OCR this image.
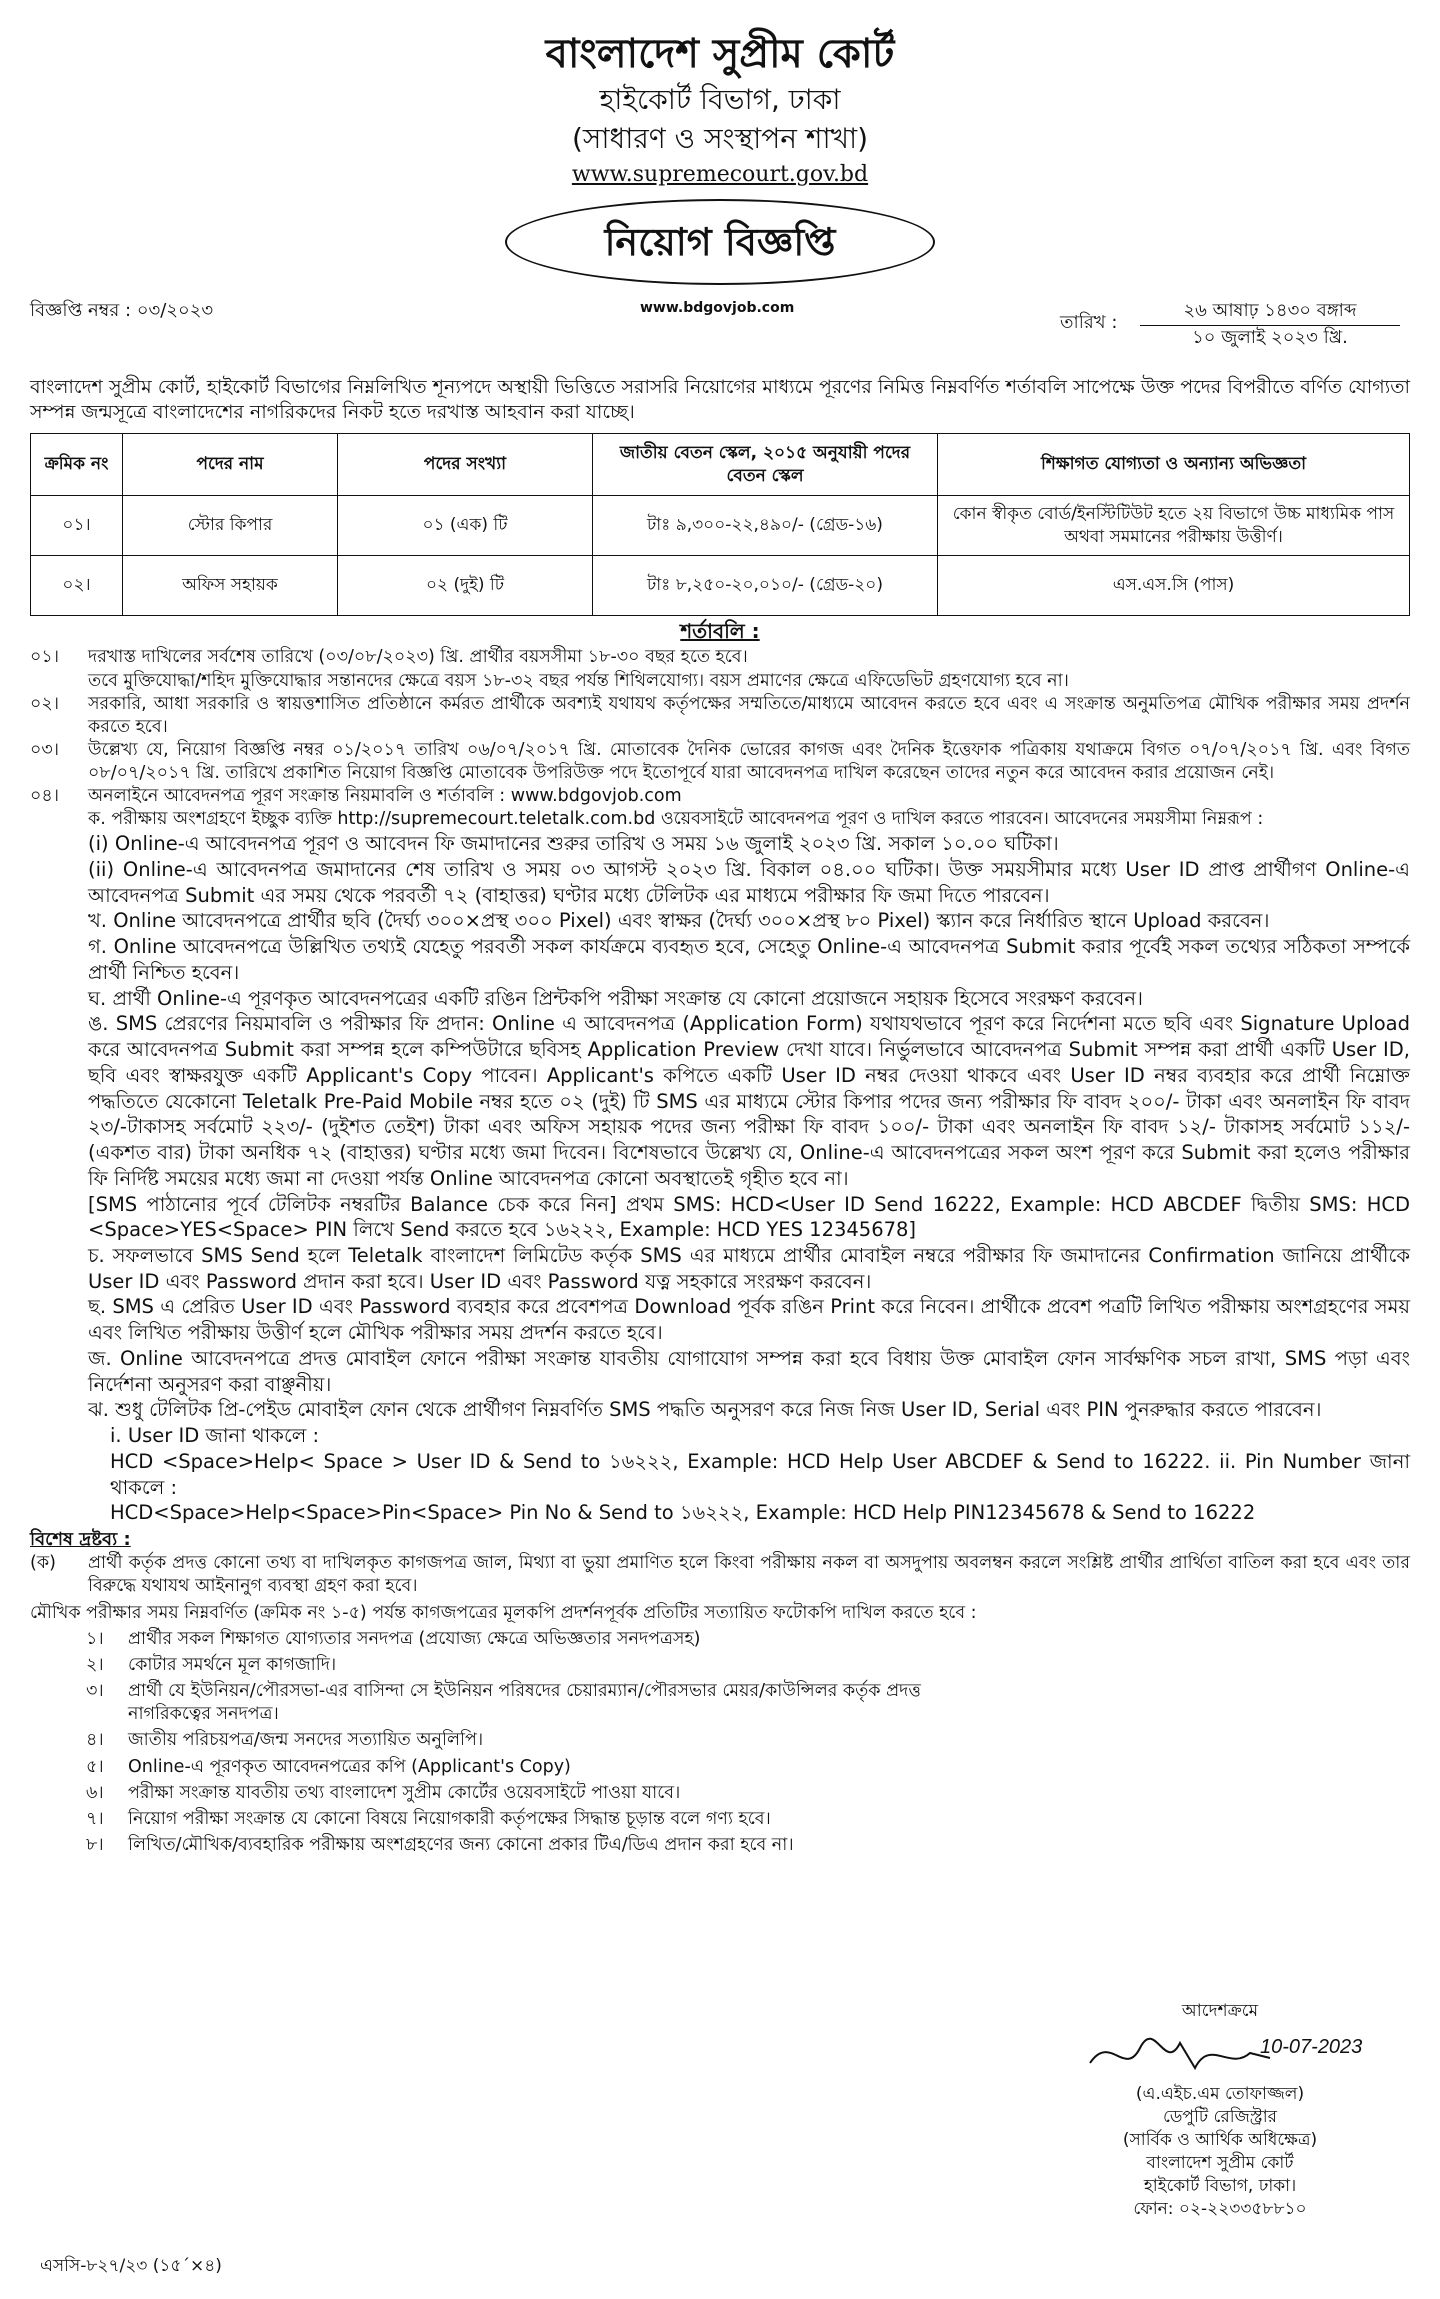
বাংলাদেশ সুপ্রীম কোর্ট
হাইকোর্ট বিভাগ, ঢাকা
(সাধারণ ও সংস্থাপন শাখা)
www.supremecourt.gov.bd
নিয়োগ বিজ্ঞপ্তি
বিজ্ঞপ্তি নম্বর : ০৩/২০২৩	www.bdgovjob.com
তারিখ :
২৬ আষাঢ় ১৪৩০ বঙ্গাব্দ
১০ জুলাই ২০২৩ খ্রি.

বাংলাদেশ সুপ্রীম কোর্ট, হাইকোর্ট বিভাগের নিম্নলিখিত শূন্যপদে অস্থায়ী ভিত্তিতে সরাসরি নিয়োগের মাধ্যমে পূরণের নিমিত্ত নিম্নবর্ণিত শর্তাবলি সাপেক্ষে উক্ত পদের বিপরীতে বর্ণিত যোগ্যতা সম্পন্ন জন্মসূত্রে বাংলাদেশের নাগরিকদের নিকট হতে দরখাস্ত আহবান করা যাচ্ছে।

ক্রমিক নং	পদের নাম	পদের সংখ্যা	জাতীয় বেতন স্কেল, ২০১৫ অনুযায়ী পদের বেতন স্কেল	শিক্ষাগত যোগ্যতা ও অন্যান্য অভিজ্ঞতা
০১।	স্টোর কিপার	০১ (এক) টি	টাঃ ৯,৩০০-২২,৪৯০/- (গ্রেড-১৬)	কোন স্বীকৃত বোর্ড/ইনস্টিটিউট হতে ২য় বিভাগে উচ্চ মাধ্যমিক পাস অথবা সমমানের পরীক্ষায় উত্তীর্ণ।
০২।	অফিস সহায়ক	০২ (দুই) টি	টাঃ ৮,২৫০-২০,০১০/- (গ্রেড-২০)	এস.এস.সি (পাস)
শর্তাবলি :
০১।	দরখাস্ত দাখিলের সর্বশেষ তারিখে (০৩/০৮/২০২৩) খ্রি. প্রার্থীর বয়সসীমা ১৮-৩০ বছর হতে হবে।
তবে মুক্তিযোদ্ধা/শহিদ মুক্তিযোদ্ধার সন্তানদের ক্ষেত্রে বয়স ১৮-৩২ বছর পর্যন্ত শিথিলযোগ্য। বয়স প্রমাণের ক্ষেত্রে এফিডেভিট গ্রহণযোগ্য হবে না।
০২।	সরকারি, আধা সরকারি ও স্বায়ত্তশাসিত প্রতিষ্ঠানে কর্মরত প্রার্থীকে অবশ্যই যথাযথ কর্তৃপক্ষের সম্মতিতে/মাধ্যমে আবেদন করতে হবে এবং এ সংক্রান্ত অনুমতিপত্র মৌখিক পরীক্ষার সময় প্রদর্শন করতে হবে।
০৩।	উল্লেখ্য যে, নিয়োগ বিজ্ঞপ্তি নম্বর ০১/২০১৭ তারিখ ০৬/০৭/২০১৭ খ্রি. মোতাবেক দৈনিক ভোরের কাগজ এবং দৈনিক ইত্তেফাক পত্রিকায় যথাক্রমে বিগত ০৭/০৭/২০১৭ খ্রি. এবং বিগত ০৮/০৭/২০১৭ খ্রি. তারিখে প্রকাশিত নিয়োগ বিজ্ঞপ্তি মোতাবেক উপরিউক্ত পদে ইতোপূর্বে যারা আবেদনপত্র দাখিল করেছেন তাদের নতুন করে আবেদন করার প্রয়োজন নেই।
০৪।	অনলাইনে আবেদনপত্র পূরণ সংক্রান্ত নিয়মাবলি ও শর্তাবলি : www.bdgovjob.com
ক. পরীক্ষায় অংশগ্রহণে ইচ্ছুক ব্যক্তি http://supremecourt.teletalk.com.bd ওয়েবসাইটে আবেদনপত্র পূরণ ও দাখিল করতে পারবেন। আবেদনের সময়সীমা নিম্নরূপ :
(i) Online-এ আবেদনপত্র পূরণ ও আবেদন ফি জমাদানের শুরুর তারিখ ও সময় ১৬ জুলাই ২০২৩ খ্রি. সকাল ১০.০০ ঘটিকা।
(ii) Online-এ আবেদনপত্র জমাদানের শেষ তারিখ ও সময় ০৩ আগস্ট ২০২৩ খ্রি. বিকাল ০৪.০০ ঘটিকা। উক্ত সময়সীমার মধ্যে User ID প্রাপ্ত প্রার্থীগণ Online-এ আবেদনপত্র Submit এর সময় থেকে পরবর্তী ৭২ (বাহাত্তর) ঘণ্টার মধ্যে টেলিটক এর মাধ্যমে পরীক্ষার ফি জমা দিতে পারবেন।
খ. Online আবেদনপত্রে প্রার্থীর ছবি (দৈর্ঘ্য ৩০০×প্রস্থ ৩০০ Pixel) এবং স্বাক্ষর (দৈর্ঘ্য ৩০০×প্রস্থ ৮০ Pixel) স্ক্যান করে নির্ধারিত স্থানে Upload করবেন।
গ. Online আবেদনপত্রে উল্লিখিত তথ্যই যেহেতু পরবর্তী সকল কার্যক্রমে ব্যবহৃত হবে, সেহেতু Online-এ আবেদনপত্র Submit করার পূর্বেই সকল তথ্যের সঠিকতা সম্পর্কে প্রার্থী নিশ্চিত হবেন।
ঘ. প্রার্থী Online-এ পূরণকৃত আবেদনপত্রের একটি রঙিন প্রিন্টকপি পরীক্ষা সংক্রান্ত যে কোনো প্রয়োজনে সহায়ক হিসেবে সংরক্ষণ করবেন।
ঙ. SMS প্রেরণের নিয়মাবলি ও পরীক্ষার ফি প্রদান: Online এ আবেদনপত্র (Application Form) যথাযথভাবে পূরণ করে নির্দেশনা মতে ছবি এবং Signature Upload করে আবেদনপত্র Submit করা সম্পন্ন হলে কম্পিউটারে ছবিসহ Application Preview দেখা যাবে। নির্ভুলভাবে আবেদনপত্র Submit সম্পন্ন করা প্রার্থী একটি User ID, ছবি এবং স্বাক্ষরযুক্ত একটি Applicant's Copy পাবেন। Applicant's কপিতে একটি User ID নম্বর দেওয়া থাকবে এবং User ID নম্বর ব্যবহার করে প্রার্থী নিম্নোক্ত পদ্ধতিতে যেকোনো Teletalk Pre-Paid Mobile নম্বর হতে ০২ (দুই) টি SMS এর মাধ্যমে স্টোর কিপার পদের জন্য পরীক্ষার ফি বাবদ ২০০/- টাকা এবং অনলাইন ফি বাবদ ২৩/-টাকাসহ সর্বমোট ২২৩/- (দুইশত তেইশ) টাকা এবং অফিস সহায়ক পদের জন্য পরীক্ষা ফি বাবদ ১০০/- টাকা এবং অনলাইন ফি বাবদ ১২/- টাকাসহ সর্বমোট ১১২/-(একশত বার) টাকা অনধিক ৭২ (বাহাত্তর) ঘণ্টার মধ্যে জমা দিবেন। বিশেষভাবে উল্লেখ্য যে, Online-এ আবেদনপত্রের সকল অংশ পূরণ করে Submit করা হলেও পরীক্ষার ফি নির্দিষ্ট সময়ের মধ্যে জমা না দেওয়া পর্যন্ত Online আবেদনপত্র কোনো অবস্থাতেই গৃহীত হবে না।
[SMS পাঠানোর পূর্বে টেলিটক নম্বরটির Balance চেক করে নিন] প্রথম SMS: HCD<User ID Send 16222, Example: HCD ABCDEF দ্বিতীয় SMS: HCD <Space>YES<Space> PIN লিখে Send করতে হবে ১৬২২২, Example: HCD YES 12345678]
চ. সফলভাবে SMS Send হলে Teletalk বাংলাদেশ লিমিটেড কর্তৃক SMS এর মাধ্যমে প্রার্থীর মোবাইল নম্বরে পরীক্ষার ফি জমাদানের Confirmation জানিয়ে প্রার্থীকে User ID এবং Password প্রদান করা হবে। User ID এবং Password যত্ন সহকারে সংরক্ষণ করবেন।
ছ. SMS এ প্রেরিত User ID এবং Password ব্যবহার করে প্রবেশপত্র Download পূর্বক রঙিন Print করে নিবেন। প্রার্থীকে প্রবেশ পত্রটি লিখিত পরীক্ষায় অংশগ্রহণের সময় এবং লিখিত পরীক্ষায় উত্তীর্ণ হলে মৌখিক পরীক্ষার সময় প্রদর্শন করতে হবে।
জ. Online আবেদনপত্রে প্রদত্ত মোবাইল ফোনে পরীক্ষা সংক্রান্ত যাবতীয় যোগাযোগ সম্পন্ন করা হবে বিধায় উক্ত মোবাইল ফোন সার্বক্ষণিক সচল রাখা, SMS পড়া এবং নির্দেশনা অনুসরণ করা বাঞ্ছনীয়।
ঝ. শুধু টেলিটক প্রি-পেইড মোবাইল ফোন থেকে প্রার্থীগণ নিম্নবর্ণিত SMS পদ্ধতি অনুসরণ করে নিজ নিজ User ID, Serial এবং PIN পুনরুদ্ধার করতে পারবেন।
i. User ID জানা থাকলে :
HCD <Space>Help< Space > User ID & Send to ১৬২২২, Example: HCD Help User ABCDEF & Send to 16222. ii. Pin Number জানা থাকলে :
HCD<Space>Help<Space>Pin<Space> Pin No & Send to ১৬২২২, Example: HCD Help PIN12345678 & Send to 16222
বিশেষ দ্রষ্টব্য :
(ক)	প্রার্থী কর্তৃক প্রদত্ত কোনো তথ্য বা দাখিলকৃত কাগজপত্র জাল, মিথ্যা বা ভুয়া প্রমাণিত হলে কিংবা পরীক্ষায় নকল বা অসদুপায় অবলম্বন করলে সংশ্লিষ্ট প্রার্থীর প্রার্থিতা বাতিল করা হবে এবং তার বিরুদ্ধে যথাযথ আইনানুগ ব্যবস্থা গ্রহণ করা হবে।
মৌখিক পরীক্ষার সময় নিম্নবর্ণিত (ক্রমিক নং ১-৫) পর্যন্ত কাগজপত্রের মূলকপি প্রদর্শনপূর্বক প্রতিটির সত্যায়িত ফটোকপি দাখিল করতে হবে :
১।	প্রার্থীর সকল শিক্ষাগত যোগ্যতার সনদপত্র (প্রযোজ্য ক্ষেত্রে অভিজ্ঞতার সনদপত্রসহ)
২।	কোটার সমর্থনে মূল কাগজাদি।
৩।	প্রার্থী যে ইউনিয়ন/পৌরসভা-এর বাসিন্দা সে ইউনিয়ন পরিষদের চেয়ারম্যান/পৌরসভার মেয়র/কাউন্সিলর কর্তৃক প্রদত্ত নাগরিকত্বের সনদপত্র।
৪।	জাতীয় পরিচয়পত্র/জন্ম সনদের সত্যায়িত অনুলিপি।
৫।	Online-এ পূরণকৃত আবেদনপত্রের কপি (Applicant's Copy)
৬।	পরীক্ষা সংক্রান্ত যাবতীয় তথ্য বাংলাদেশ সুপ্রীম কোর্টের ওয়েবসাইটে পাওয়া যাবে।
৭।	নিয়োগ পরীক্ষা সংক্রান্ত যে কোনো বিষয়ে নিয়োগকারী কর্তৃপক্ষের সিদ্ধান্ত চূড়ান্ত বলে গণ্য হবে।
৮।	লিখিত/মৌখিক/ব্যবহারিক পরীক্ষায় অংশগ্রহণের জন্য কোনো প্রকার টিএ/ডিএ প্রদান করা হবে না।
আদেশক্রমে
10-07-2023
(এ.এইচ.এম তোফাজ্জল)
ডেপুটি রেজিস্ট্রার
(সার্বিক ও আর্থিক অধিক্ষেত্র)
বাংলাদেশ সুপ্রীম কোর্ট
হাইকোর্ট বিভাগ, ঢাকা।
ফোন: ০২-২২৩৩৫৮৮১০
এসসি-৮২৭/২৩ (১৫´×৪)
